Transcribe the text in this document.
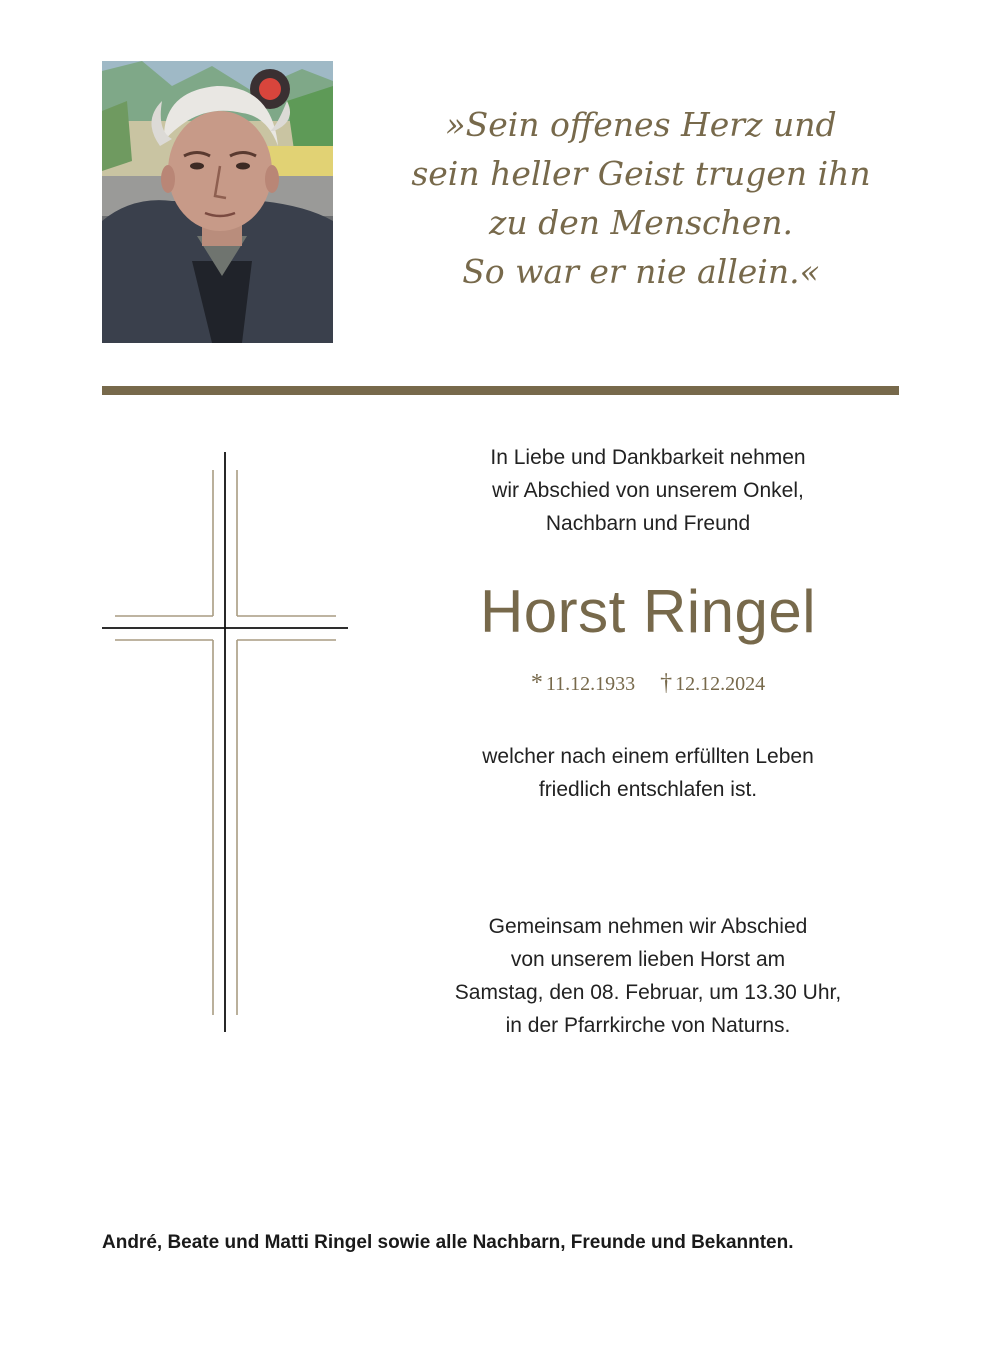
»Sein offenes Herz und
sein heller Geist trugen ihn
zu den Menschen.
So war er nie allein.«
In Liebe und Dankbarkeit nehmen
wir Abschied von unserem Onkel,
Nachbarn und Freund
Horst Ringel
* 11.12.1933 † 12.12.2024
welcher nach einem erfüllten Leben
friedlich entschlafen ist.
Gemeinsam nehmen wir Abschied
von unserem lieben Horst am
Samstag, den 08. Februar, um 13.30 Uhr,
in der Pfarrkirche von Naturns.
André, Beate und Matti Ringel sowie alle Nachbarn, Freunde und Bekannten.
